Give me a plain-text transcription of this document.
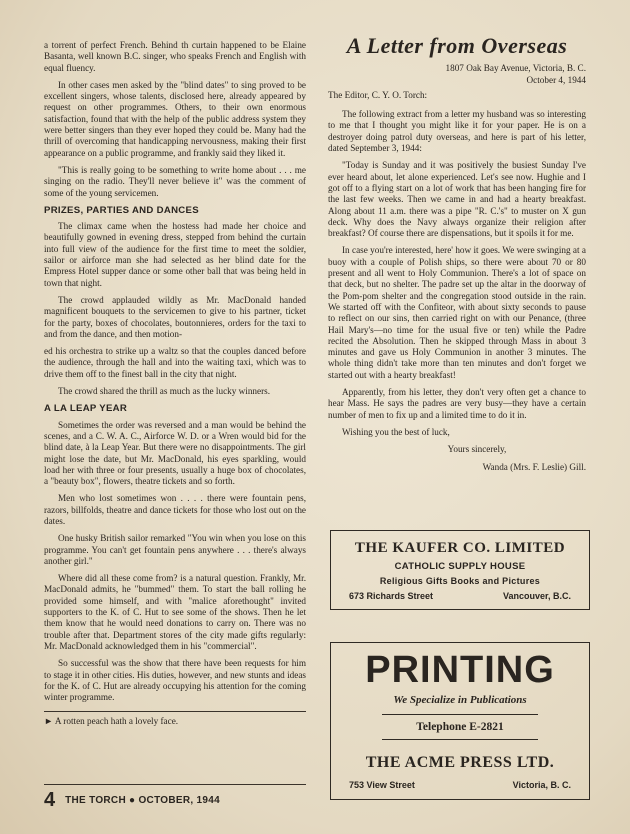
a torrent of perfect French. Behind th curtain happened to be Elaine Basanta, well known B.C. singer, who speaks French and English with equal fluency.

In other cases men asked by the "blind dates" to sing proved to be excellent singers, whose talents, disclosed here, already appeared by request on other programmes. Others, to their own enormous satisfaction, found that with the help of the public address system they were better singers than they ever hoped they could be. Many had the thrill of overcoming that handicapping nervousness, making their first appearance on a public programme, and frankly said they liked it.

"This is really going to be something to write home about . . . me singing on the radio. They'll never believe it" was the comment of some of the young servicemen.

PRIZES, PARTIES AND DANCES

The climax came when the hostess had made her choice and beautifully gowned in evening dress, stepped from behind the curtain into full view of the audience for the first time to meet the soldier, sailor or airforce man she had selected as her blind date for the Empress Hotel supper dance or some other ball that was being held in town that night.

The crowd applauded wildly as Mr. MacDonald handed magnificent bouquets to the servicemen to give to his partner, ticket for the party, boxes of chocolates, boutonnieres, orders for the taxi to and from the dance, and then motion-

ed his orchestra to strike up a waltz so that the couples danced before the audience, through the hall and into the waiting taxi, which was to drive them off to the finest ball in the city that night.

The crowd shared the thrill as much as the lucky winners.

A LA LEAP YEAR

Sometimes the order was reversed and a man would be behind the scenes, and a C. W. A. C., Airforce W. D. or a Wren would bid for the blind date, à la Leap Year. But there were no disappointments. The girl might lose the date, but Mr. MacDonald, his eyes sparkling, would load her with three or four presents, usually a huge box of chocolates, a "beauty box", flowers, theatre tickets and so forth.

Men who lost sometimes won . . . . there were fountain pens, razors, billfolds, theatre and dance tickets for those who lost out on the dates.

One husky British sailor remarked "You win when you lose on this programme. You can't get fountain pens anywhere . . . there's always another girl."

Where did all these come from? is a natural question. Frankly, Mr. MacDonald admits, he "bummed" them. To start the ball rolling he provided some himself, and with "malice aforethought" invited supporters to the K. of C. Hut to see some of the shows. Then he let them know that he would need donations to carry on. There was no trouble after that. Department stores of the city made gifts regularly: Mr. MacDonald acknowledged them in his "commercial".

So successful was the show that there have been requests for him to stage it in other cities. His duties, however, and new stunts and ideas for the K. of C. Hut are already occupying his attention for the coming winter programme.

► A rotten peach hath a lovely face.

4 THE TORCH ● OCTOBER, 1944
A Letter from Overseas

1807 Oak Bay Avenue, Victoria, B. C.

October 4, 1944

The Editor, C. Y. O. Torch:

The following extract from a letter my husband was so interesting to me that I thought you might like it for your paper. He is on a destroyer doing patrol duty overseas, and here is part of his letter, dated September 3, 1944:

"Today is Sunday and it was positively the busiest Sunday I've ever heard about, let alone experienced. Let's see now. Hughie and I got off to a flying start on a lot of work that has been hanging fire for the last few weeks. Then we came in and had a hearty breakfast. Along about 11 a.m. there was a pipe "R. C.'s" to muster on X gun deck. Why does the Navy always organize their religion after breakfast? Of course there are dispensations, but it spoils it for me.

In case you're interested, here' how it goes. We were swinging at a buoy with a couple of Polish ships, so there were about 70 or 80 present and all went to Holy Communion. There's a lot of space on that deck, but no shelter. The padre set up the altar in the doorway of the Pom-pom shelter and the congregation stood outside in the rain. We started off with the Confiteor, with about sixty seconds to pause to reflect on our sins, then carried right on with our Penance, (three Hail Mary's—no time for the usual five or ten) while the Padre recited the Absolution. Then he skipped through Mass in about 3 minutes and gave us Holy Communion in another 3 minutes. The whole thing didn't take more than ten minutes and don't forget we started out with a hearty breakfast!

Apparently, from his letter, they don't very often get a chance to hear Mass. He says the padres are very busy—they have a certain number of men to fix up and a limited time to do it in.

Wishing you the best of luck,

Yours sincerely,

Wanda (Mrs. F. Leslie) Gill.

THE KAUFER CO. LIMITED
CATHOLIC SUPPLY HOUSE
Religious Gifts Books and Pictures
673 Richards Street	Vancouver, B.C.
PRINTING
We Specialize in Publications
Telephone E-2821
THE ACME PRESS LTD.
753 View Street	Victoria, B. C.
